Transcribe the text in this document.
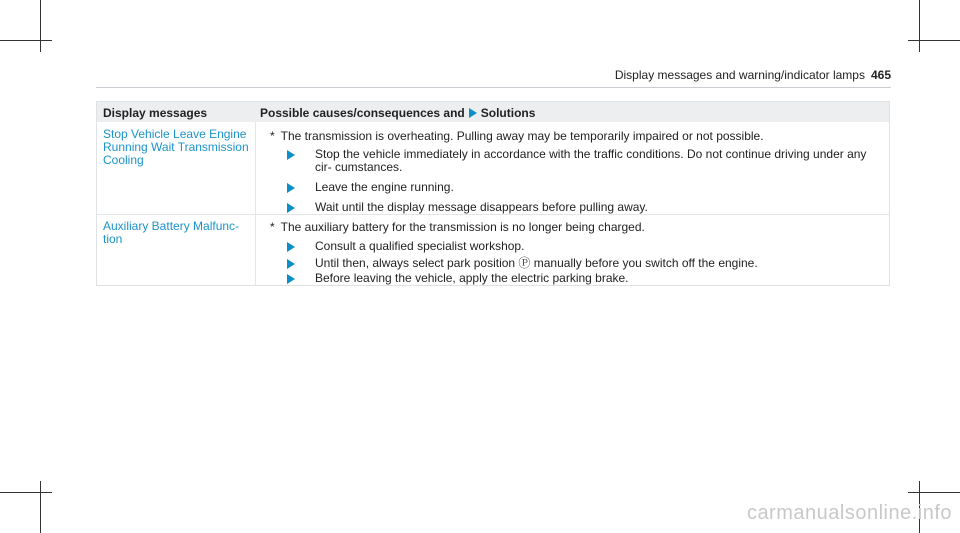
Display messages and warning/indicator lamps 465
Display messages	Possible causes/consequences and Solutions
Stop Vehicle Leave Engine Running Wait Transmission Cooling
* The transmission is overheating. Pulling away may be temporarily impaired or not possible.
Stop the vehicle immediately in accordance with the traffic conditions. Do not continue driving under any cir- cumstances.
Leave the engine running.
Wait until the display message disappears before pulling away.
Auxiliary Battery Malfunc- tion
* The auxiliary battery for the transmission is no longer being charged.
Consult a qualified specialist workshop.
Until then, always select park position Ⓟ manually before you switch off the engine.
Before leaving the vehicle, apply the electric parking brake.
carmanualsonline.info
